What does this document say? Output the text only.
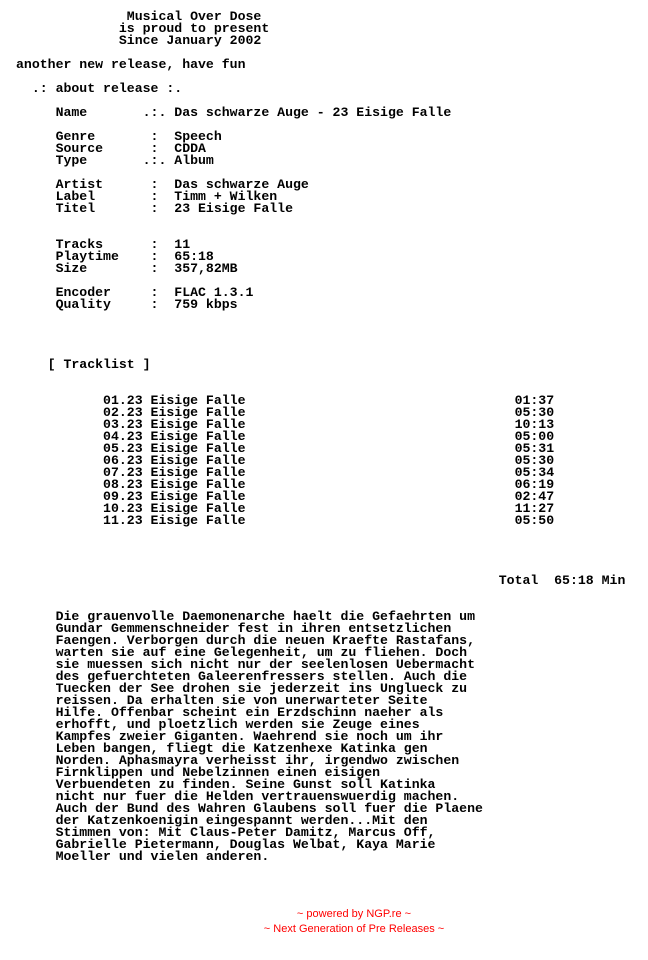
Musical Over Dose
is proud to present
Since January 2002
another new release, have fun
.: about release :.
Name       .:. Das schwarze Auge - 23 Eisige Falle
Genre       :  Speech
Source      :  CDDA
Type       .:. Album
Artist      :  Das schwarze Auge
Label       :  Timm + Wilken
Titel       :  23 Eisige Falle
Tracks      :  11
Playtime    :  65:18
Size        :  357,82MB
Encoder     :  FLAC 1.3.1
Quality     :  759 kbps
[ Tracklist ]
01.23 Eisige Falle                                  01:37
02.23 Eisige Falle                                  05:30
03.23 Eisige Falle                                  10:13
04.23 Eisige Falle                                  05:00
05.23 Eisige Falle                                  05:31
06.23 Eisige Falle                                  05:30
07.23 Eisige Falle                                  05:34
08.23 Eisige Falle                                  06:19
09.23 Eisige Falle                                  02:47
10.23 Eisige Falle                                  11:27
11.23 Eisige Falle                                  05:50
Total  65:18 Min
Die grauenvolle Daemonenarche haelt die Gefaehrten um
Gundar Gemmenschneider fest in ihren entsetzlichen
Faengen. Verborgen durch die neuen Kraefte Rastafans,
warten sie auf eine Gelegenheit, um zu fliehen. Doch
sie muessen sich nicht nur der seelenlosen Uebermacht
des gefuerchteten Galeerenfressers stellen. Auch die
Tuecken der See drohen sie jederzeit ins Unglueck zu
reissen. Da erhalten sie von unerwarteter Seite
Hilfe. Offenbar scheint ein Erzdschinn naeher als
erhofft, und ploetzlich werden sie Zeuge eines
Kampfes zweier Giganten. Waehrend sie noch um ihr
Leben bangen, fliegt die Katzenhexe Katinka gen
Norden. Aphasmayra verheisst ihr, irgendwo zwischen
Firnklippen und Nebelzinnen einen eisigen
Verbuendeten zu finden. Seine Gunst soll Katinka
nicht nur fuer die Helden vertrauenswuerdig machen.
Auch der Bund des Wahren Glaubens soll fuer die Plaene
der Katzenkoenigin eingespannt werden...Mit den
Stimmen von: Mit Claus-Peter Damitz, Marcus Off,
Gabrielle Pietermann, Douglas Welbat, Kaya Marie
Moeller und vielen anderen.
~ powered by NGP.re ~
~ Next Generation of Pre Releases ~
